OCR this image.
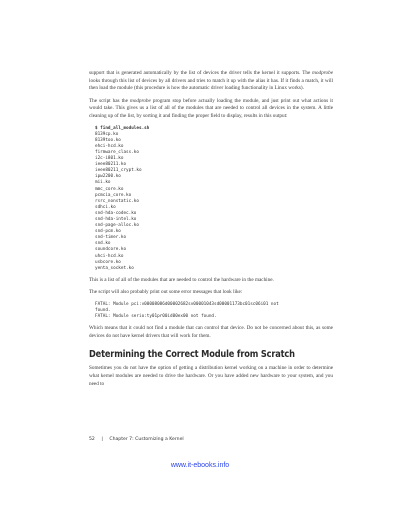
support that is generated automatically by the list of devices the driver tells the kernel it supports. The modprobe looks through this list of devices by all drivers and tries to match it up with the alias it has. If it finds a match, it will then load the module (this procedure is how the automatic driver loading functionality in Linux works).

The script has the modprobe program stop before actually loading the module, and just print out what actions it would take. This gives us a list of all of the modules that are needed to control all devices in the system. A little cleaning up of the list, by sorting it and finding the proper field to display, results in this output:

$ find_all_modules.sh
8139cp.ko
8139too.ko
ehci-hcd.ko
firmware_class.ko
i2c-i801.ko
ieee80211.ko
ieee80211_crypt.ko
ipw2200.ko
mii.ko
mmc_core.ko
pcmcia_core.ko
rsrc_nonstatic.ko
sdhci.ko
snd-hda-codec.ko
snd-hda-intel.ko
snd-page-alloc.ko
snd-pcm.ko
snd-timer.ko
snd.ko
soundcore.ko
uhci-hcd.ko
usbcore.ko
yenta_socket.ko

This is a list of all of the modules that are needed to control the hardware in the machine.

The script will also probably print out some error messages that look like:

FATAL: Module pci:v00008086d00002682sv00001043sd00001173bc01sc06i01 not
found.
FATAL: Module serio:ty01pr00id00ex00 not found.

Which means that it could not find a module that can control that device. Do not be concerned about this, as some devices do not have kernel drivers that will work for them.

Determining the Correct Module from Scratch

Sometimes you do not have the option of getting a distribution kernel working on a machine in order to determine what kernel modules are needed to drive the hardware. Or you have added new hardware to your system, and you need to

52 | Chapter 7: Customizing a Kernel
www.it-ebooks.info
